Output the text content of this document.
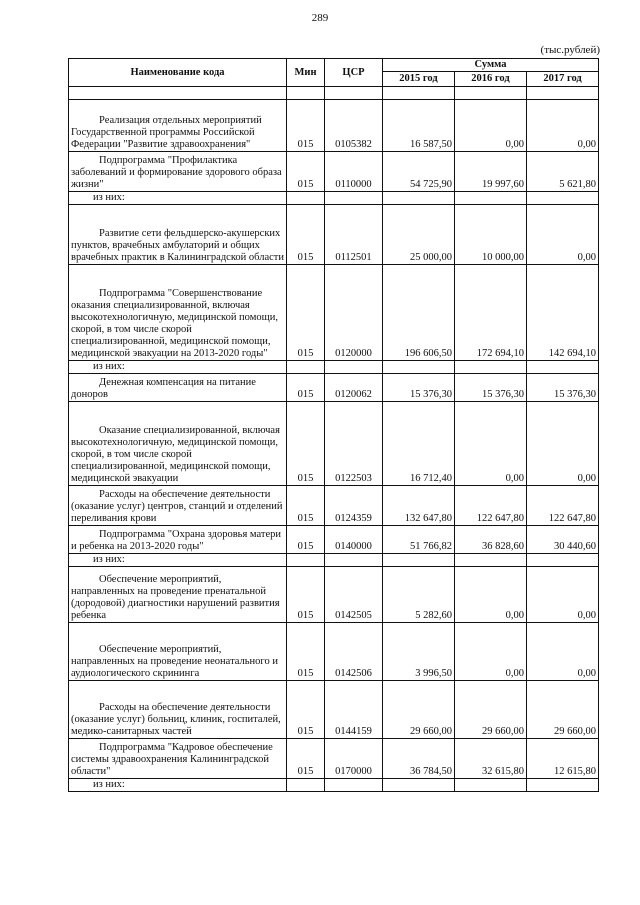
289
(тыс.рублей)
Наименование кода	Мин	ЦСР	Сумма		
			2015 год	2016 год	2017 год

Реализация отдельных мероприятий Государственной программы Российской Федерации "Развитие здравоохранения"	015	0105382	16 587,50	0,00	0,00

Подпрограмма "Профилактика заболеваний и формирование здорового образа жизни"	015	0110000	54 725,90	19 997,60	5 621,80
из них:					

Развитие сети фельдшерско-акушерских пунктов, врачебных амбулаторий и общих врачебных практик в Калининградской области	015	0112501	25 000,00	10 000,00	0,00

Подпрограмма "Совершенствование оказания специализированной, включая высокотехнологичную, медицинской помощи, скорой, в том числе скорой специализированной, медицинской помощи, медицинской эвакуации на 2013-2020 годы"	015	0120000	196 606,50	172 694,10	142 694,10
из них:					

Денежная компенсация на питание доноров	015	0120062	15 376,30	15 376,30	15 376,30

Оказание специализированной, включая высокотехнологичную, медицинской помощи, скорой, в том числе скорой специализированной, медицинской помощи, медицинской эвакуации	015	0122503	16 712,40	0,00	0,00

Расходы на обеспечение деятельности (оказание услуг) центров, станций и отделений переливания крови	015	0124359	132 647,80	122 647,80	122 647,80

Подпрограмма "Охрана здоровья матери и ребенка на 2013-2020 годы"	015	0140000	51 766,82	36 828,60	30 440,60
из них:					

Обеспечение мероприятий, направленных на проведение пренатальной (дородовой) диагностики нарушений развития ребенка	015	0142505	5 282,60	0,00	0,00

Обеспечение мероприятий, направленных на проведение неонатального и аудиологического скрининга	015	0142506	3 996,50	0,00	0,00

Расходы на обеспечение деятельности (оказание услуг) больниц, клиник, госпиталей, медико-санитарных частей	015	0144159	29 660,00	29 660,00	29 660,00

Подпрограмма "Кадровое обеспечение системы здравоохранения Калининградской области"	015	0170000	36 784,50	32 615,80	12 615,80
из них:					
